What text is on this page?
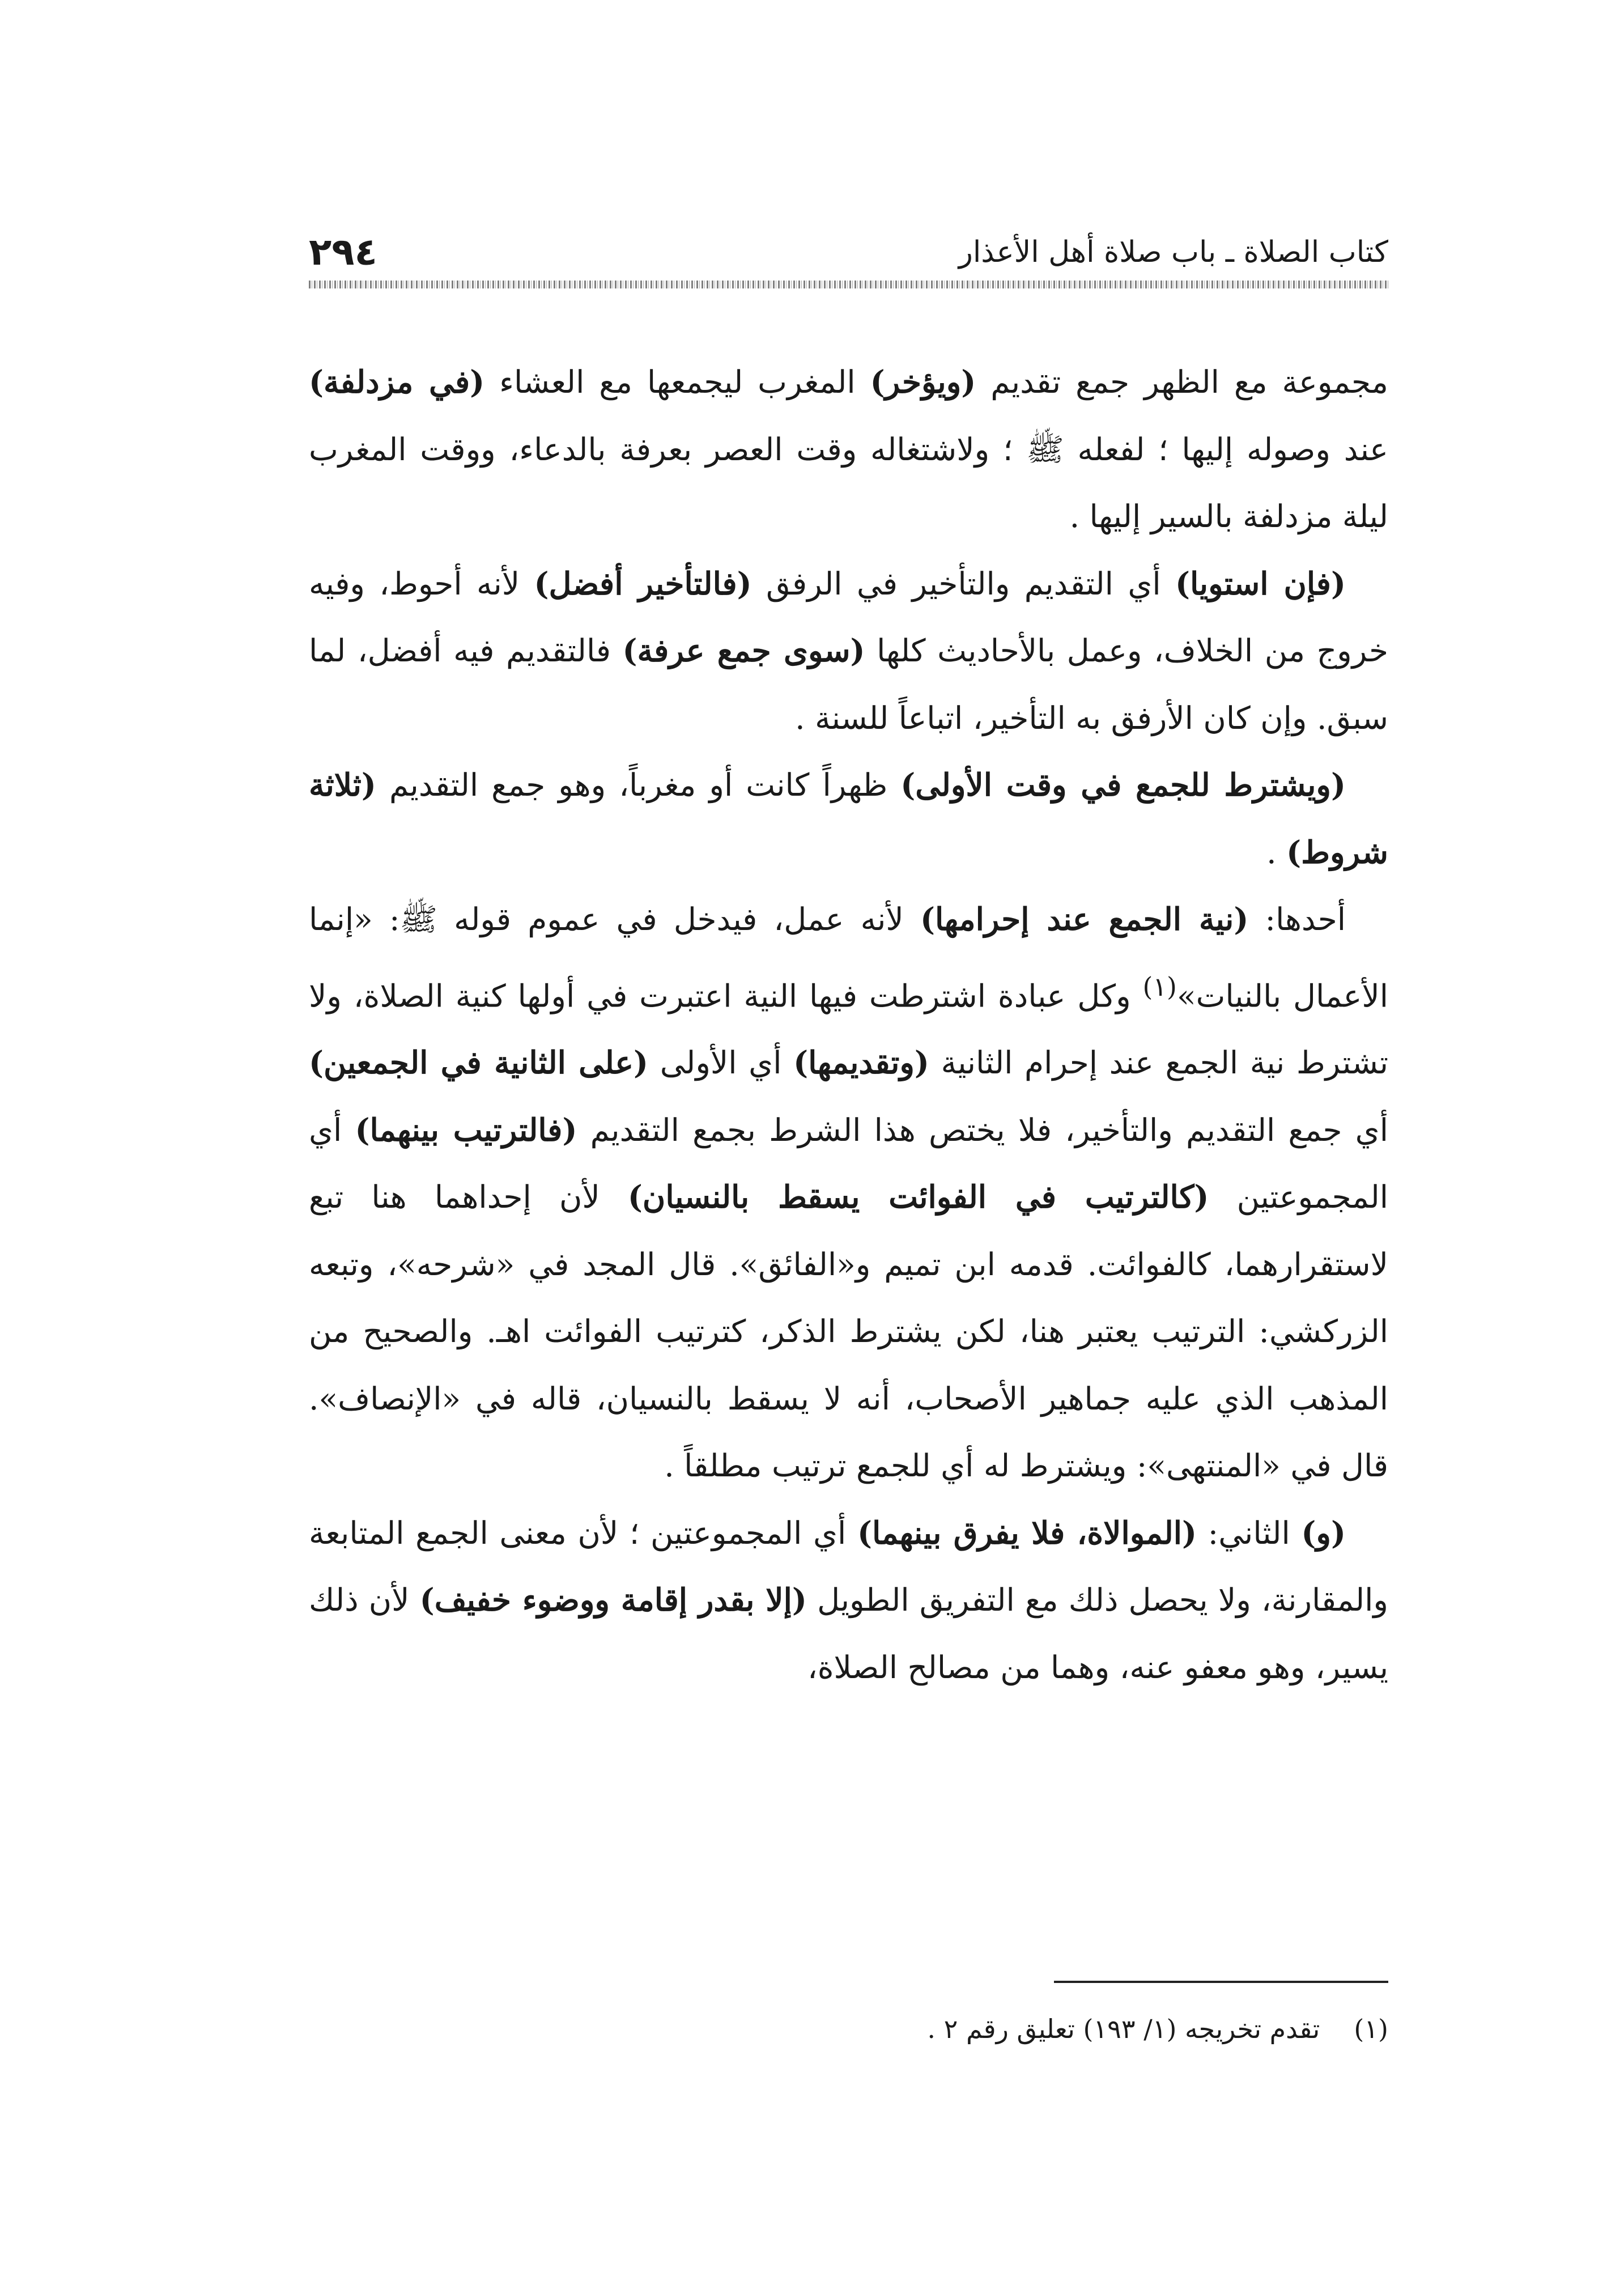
٢٩٤	كتاب الصلاة ـ باب صلاة أهل الأعذار

مجموعة مع الظهر جمع تقديم (ويؤخر) المغرب ليجمعها مع العشاء (في مزدلفة) عند وصوله إليها ؛ لفعله ﷺ ؛ ولاشتغاله وقت العصر بعرفة بالدعاء، ووقت المغرب ليلة مزدلفة بالسير إليها .

(فإن استويا) أي التقديم والتأخير في الرفق (فالتأخير أفضل) لأنه أحوط، وفيه خروج من الخلاف، وعمل بالأحاديث كلها (سوى جمع عرفة) فالتقديم فيه أفضل، لما سبق. وإن كان الأرفق به التأخير، اتباعاً للسنة .

(ويشترط للجمع في وقت الأولى) ظهراً كانت أو مغرباً، وهو جمع التقديم (ثلاثة شروط) .

أحدها: (نية الجمع عند إحرامها) لأنه عمل، فيدخل في عموم قوله ﷺ: «إنما الأعمال بالنيات»$^{(١)}$ وكل عبادة اشترطت فيها النية اعتبرت في أولها كنية الصلاة، ولا تشترط نية الجمع عند إحرام الثانية (وتقديمها) أي الأولى (على الثانية في الجمعين) أي جمع التقديم والتأخير، فلا يختص هذا الشرط بجمع التقديم (فالترتيب بينهما) أي المجموعتين (كالترتيب في الفوائت يسقط بالنسيان) لأن إحداهما هنا تبع لاستقرارهما، كالفوائت. قدمه ابن تميم و«الفائق». قال المجد في «شرحه»، وتبعه الزركشي: الترتيب يعتبر هنا، لكن يشترط الذكر، كترتيب الفوائت اهـ. والصحيح من المذهب الذي عليه جماهير الأصحاب، أنه لا يسقط بالنسيان، قاله في «الإنصاف». قال في «المنتهى»: ويشترط له أي للجمع ترتيب مطلقاً .

(و) الثاني: (الموالاة، فلا يفرق بينهما) أي المجموعتين ؛ لأن معنى الجمع المتابعة والمقارنة، ولا يحصل ذلك مع التفريق الطويل (إلا بقدر إقامة ووضوء خفيف) لأن ذلك يسير، وهو معفو عنه، وهما من مصالح الصلاة،

(١)تقدم تخريجه (١/ ١٩٣) تعليق رقم ٢ .
